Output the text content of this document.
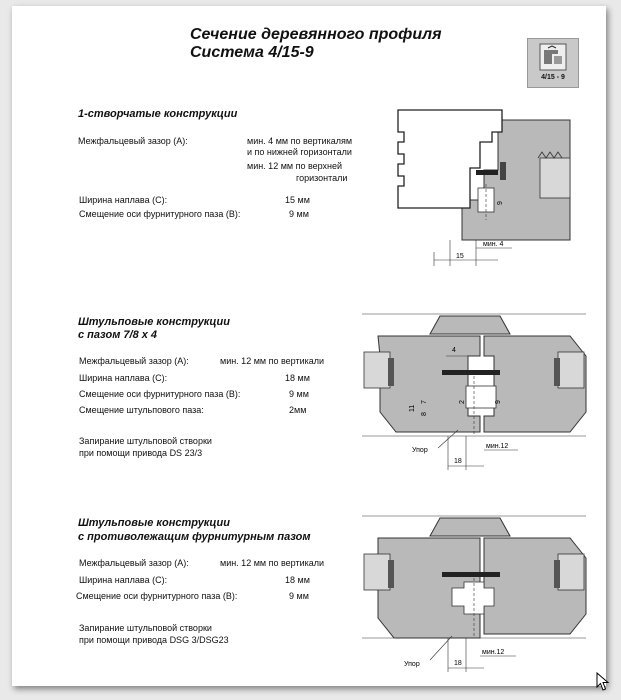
Сечение деревянного профиля
Система 4/15-9
4/15 - 9
1-створчатые конструкции
Межфальцевый зазор (А):	мин. 4 мм по вертикалям
и по нижней горизонтали
мин. 12 мм по верхней
горизонтали
Ширина наплава (С):	15 мм
Смещение оси фурнитурного паза (В):	9 мм
9
15
мин. 4
Штульповые конструкции
с пазом 7/8 x 4
Межфальцевый зазор (А):	мин. 12 мм по вертикали
Ширина наплава (С):	18 мм
Смещение оси фурнитурного паза (В):	9 мм
Смещение штульпового паза:	2мм
Запирание штульповой створки
при помощи привода DS 23/3
4
11
7
8
2	9
18
мин.12
Упор
Штульповые конструкции
с противолежащим фурнитурным пазом
Межфальцевый зазор (А):	мин. 12 мм по вертикали
Ширина наплава (С):	18 мм
Смещение оси фурнитурного паза (В):	9 мм
Запирание штульповой створки
при помощи привода DSG 3/DSG23
18
мин.12
Упор
